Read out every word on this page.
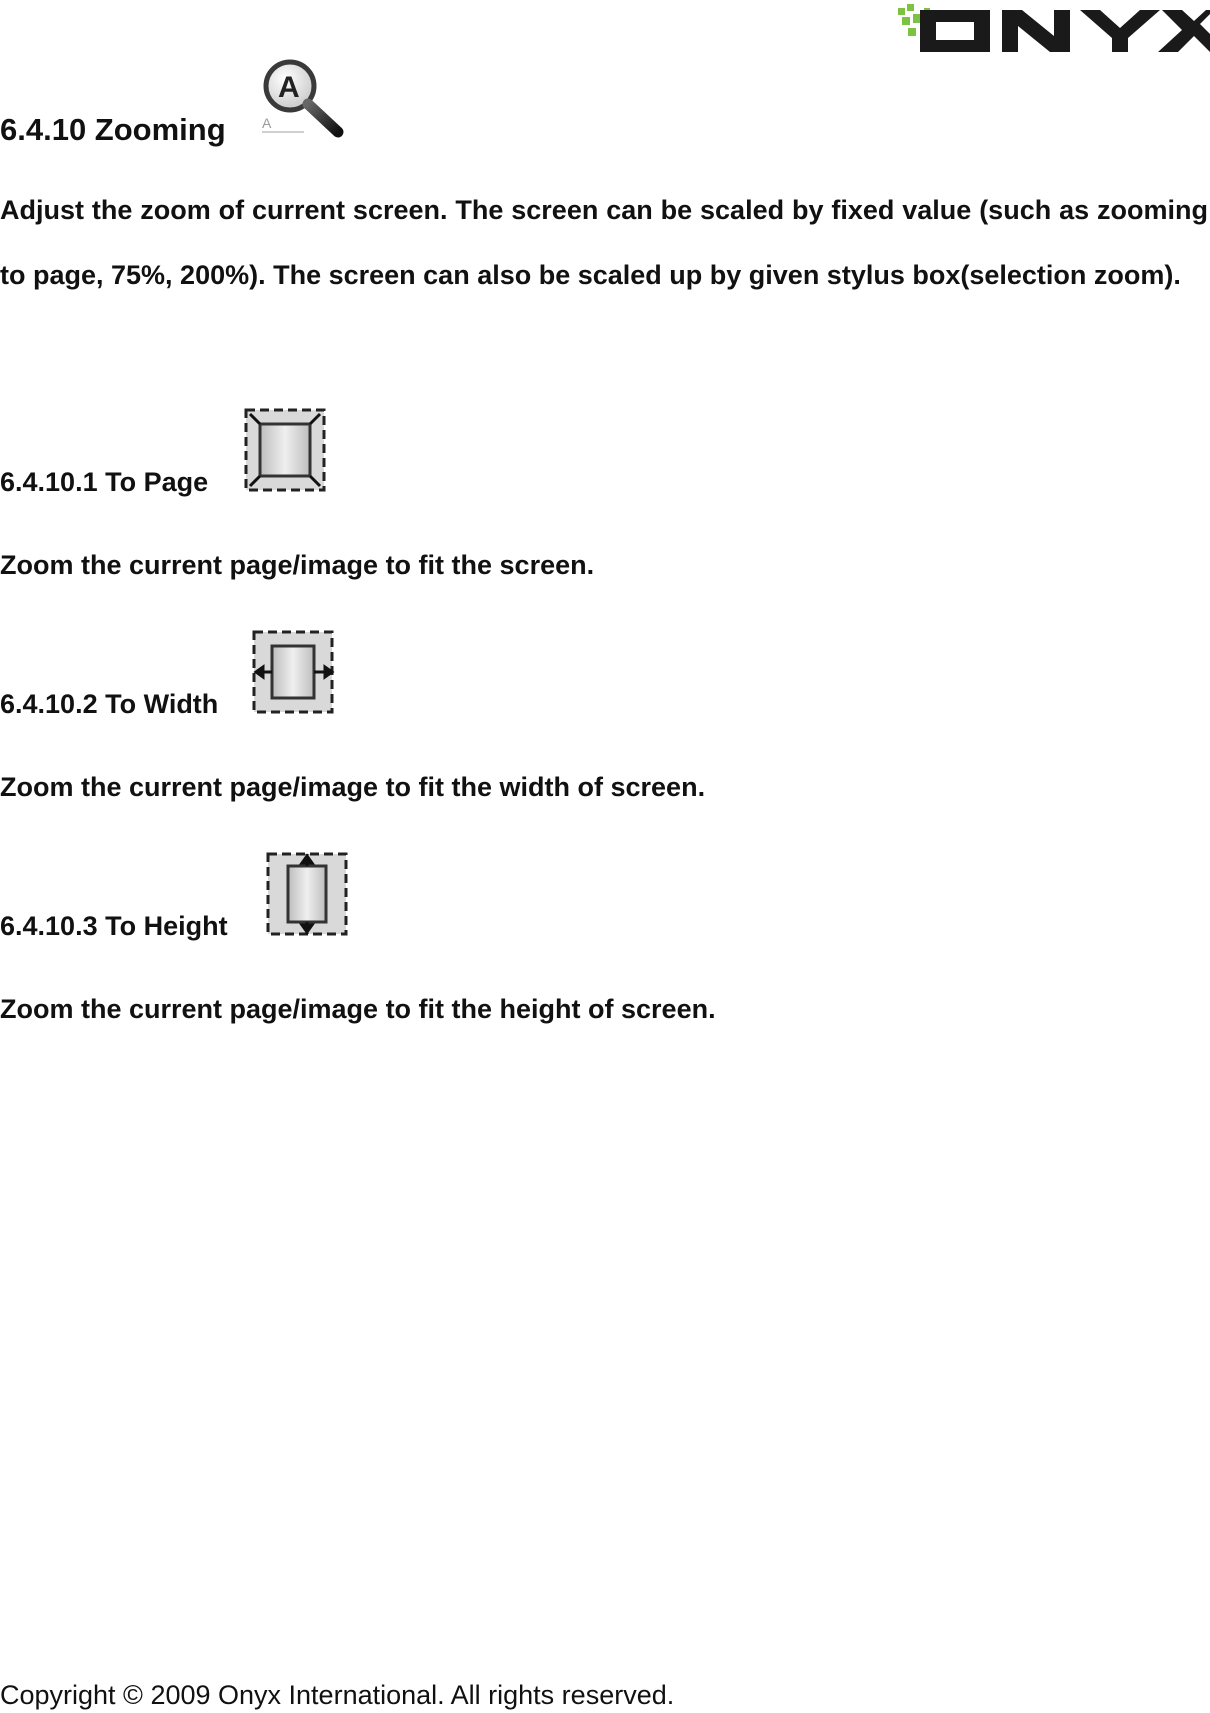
6.4.10 Zooming
A
A

Adjust the zoom of current screen. The screen can be scaled by fixed value (such as zooming to page, 75%, 200%). The screen can also be scaled up by given stylus box(selection zoom).

6.4.10.1 To Page

Zoom the current page/image to fit the screen.

6.4.10.2 To Width

Zoom the current page/image to fit the width of screen.

6.4.10.3 To Height

Zoom the current page/image to fit the height of screen.

Copyright © 2009 Onyx International. All rights reserved.
